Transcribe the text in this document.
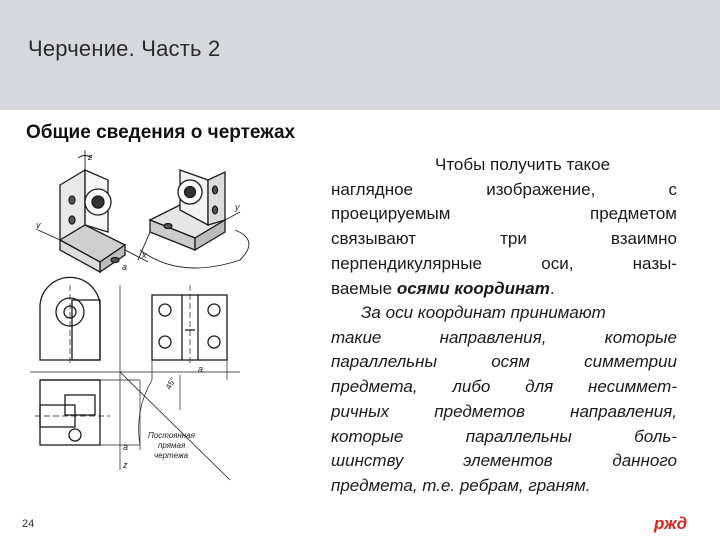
Черчение. Часть 2
Общие сведения о чертежах
z
y
x
y
a
a
a
z
45°
Постоянная
прямая
чертежа
Чтобы получить такое
наглядное изображение, с
проецируемым предметом
связывают три взаимно
перпендикулярные оси, назы-
ваемые осями координат.
За оси координат принимают
такие направления, которые
параллельны осям симметрии
предмета, либо для несиммет-
ричных предметов направления,
которые параллельны боль-
шинству элементов данного
предмета, т.е. ребрам, граням.
24	ржд
